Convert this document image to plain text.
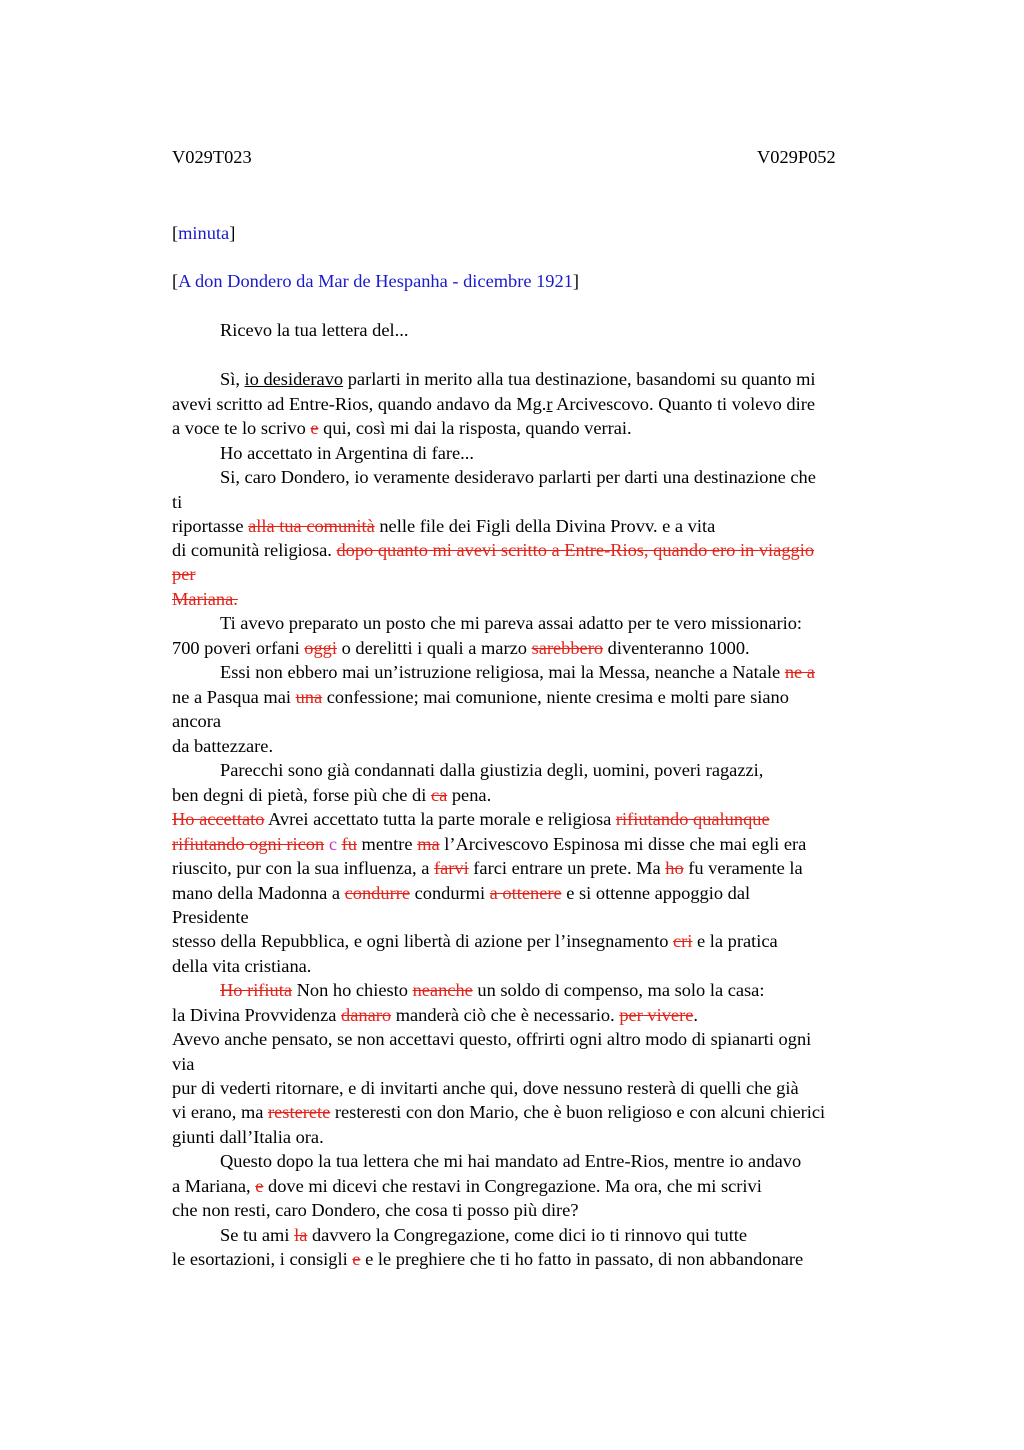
V029T023	V029P052
[minuta]
[A don Dondero da Mar de Hespanha - dicembre 1921]
Ricevo la tua lettera del...
Sì, io desideravo parlarti in merito alla tua destinazione, basandomi su quanto mi
avevi scritto ad Entre-Rios, quando andavo da Mg.r Arcivescovo. Quanto ti volevo dire
a voce te lo scrivo e qui, così mi dai la risposta, quando verrai.
Ho accettato in Argentina di fare...
Si, caro Dondero, io veramente desideravo parlarti per darti una destinazione che
ti
riportasse alla tua comunità nelle file dei Figli della Divina Provv. e a vita
di comunità religiosa. dopo quanto mi avevi scritto a Entre-Rios, quando ero in viaggio
per
Mariana.
Ti avevo preparato un posto che mi pareva assai adatto per te vero missionario:
700 poveri orfani oggi o derelitti i quali a marzo sarebbero diventeranno 1000.
Essi non ebbero mai un’istruzione religiosa, mai la Messa, neanche a Natale ne a
ne a Pasqua mai una confessione; mai comunione, niente cresima e molti pare siano
ancora
da battezzare.
Parecchi sono già condannati dalla giustizia degli, uomini, poveri ragazzi,
ben degni di pietà, forse più che di ca pena.
Ho accettato Avrei accettato tutta la parte morale e religiosa rifiutando qualunque
rifiutando ogni ricon c fu mentre ma l’Arcivescovo Espinosa mi disse che mai egli era
riuscito, pur con la sua influenza, a farvi farci entrare un prete. Ma ho fu veramente la
mano della Madonna a condurre condurmi a ottenere e si ottenne appoggio dal
Presidente
stesso della Repubblica, e ogni libertà di azione per l’insegnamento cri e la pratica
della vita cristiana.
Ho rifiuta Non ho chiesto neanche un soldo di compenso, ma solo la casa:
la Divina Provvidenza danaro manderà ciò che è necessario. per vivere.
Avevo anche pensato, se non accettavi questo, offrirti ogni altro modo di spianarti ogni
via
pur di vederti ritornare, e di invitarti anche qui, dove nessuno resterà di quelli che già
vi erano, ma resterete resteresti con don Mario, che è buon religioso e con alcuni chierici
giunti dall’Italia ora.
Questo dopo la tua lettera che mi hai mandato ad Entre-Rios, mentre io andavo
a Mariana, e dove mi dicevi che restavi in Congregazione. Ma ora, che mi scrivi
che non resti, caro Dondero, che cosa ti posso più dire?
Se tu ami la davvero la Congregazione, come dici io ti rinnovo qui tutte
le esortazioni, i consigli e e le preghiere che ti ho fatto in passato, di non abbandonare
